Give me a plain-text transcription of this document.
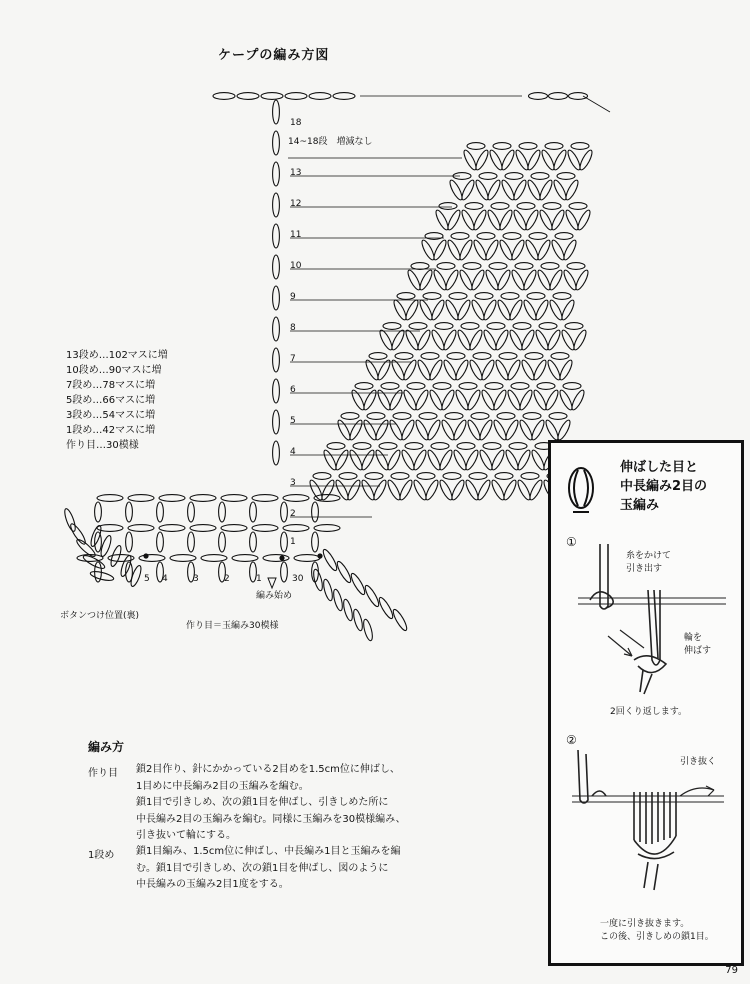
ケープの編み方図
18
13
12
11
10
9
8
7
6
5
4
3
2
1
14~18段　増減なし
13段め…102マスに増
10段め…90マスに増
7段め…78マスに増
5段め…66マスに増
3段め…54マスに増
1段め…42マスに増
作り目…30模様
5 4	3	2	1	30
ボタンつけ位置(裏)
編み始め
作り目＝玉編み30模様
編み方
作り目 鎖2目作り、針にかかっている2目めを1.5cm位に伸ばし、
1目めに中長編み2目の玉編みを編む。
鎖1目で引きしめ、次の鎖1目を伸ばし、引きしめた所に
中長編み2目の玉編みを編む。同様に玉編みを30模様編み、
引き抜いて輪にする。
1段め 鎖1目編み、1.5cm位に伸ばし、中長編み1目と玉編みを編
む。鎖1目で引きしめ、次の鎖1目を伸ばし、図のように
中長編みの玉編み2目1度をする。
伸ばした目と
中長編み2目の
玉編み
①
糸をかけて
引き出す
輪を
伸ばす
2回くり返します。
②
引き抜く
一度に引き抜きます。
この後、引きしめの鎖1目。
79
